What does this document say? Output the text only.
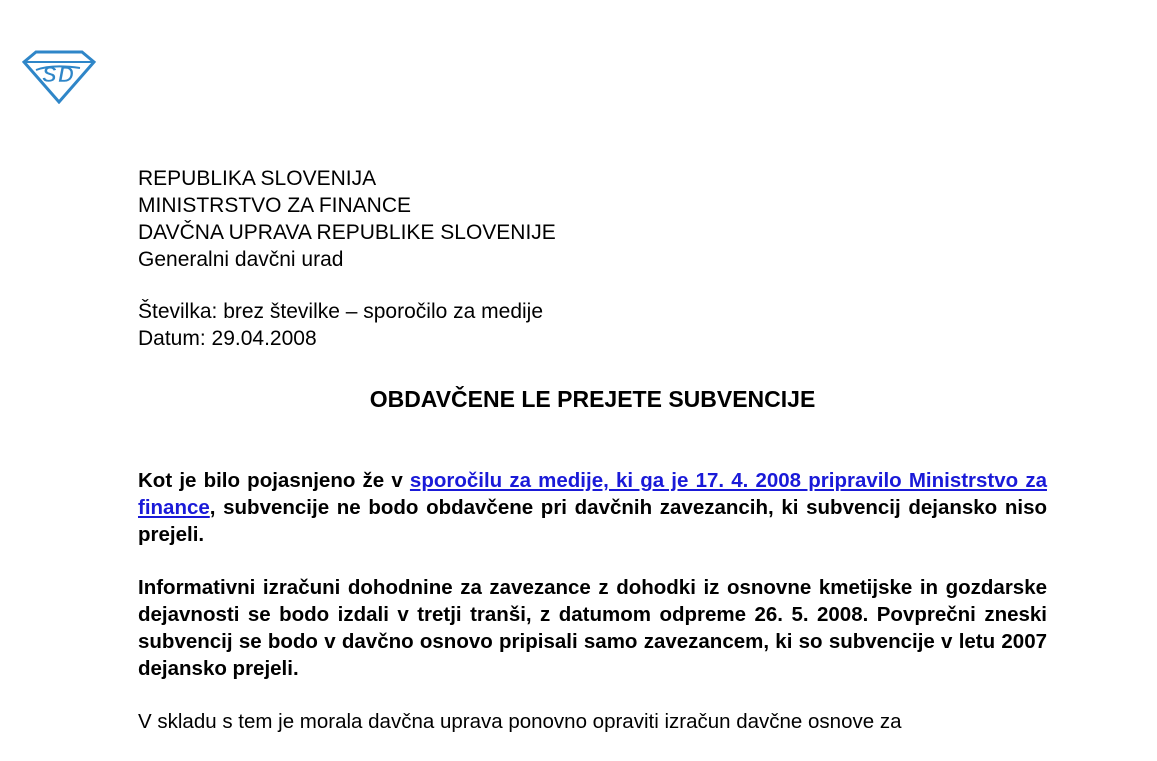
S D
REPUBLIKA SLOVENIJA
MINISTRSTVO ZA FINANCE
DAVČNA UPRAVA REPUBLIKE SLOVENIJE
Generalni davčni urad
Številka: brez številke – sporočilo za medije
Datum: 29.04.2008
OBDAVČENE LE PREJETE SUBVENCIJE

Kot je bilo pojasnjeno že v sporočilu za medije, ki ga je 17. 4. 2008 pripravilo Ministrstvo za finance, subvencije ne bodo obdavčene pri davčnih zavezancih, ki subvencij dejansko niso prejeli.

Informativni izračuni dohodnine za zavezance z dohodki iz osnovne kmetijske in gozdarske dejavnosti se bodo izdali v tretji tranši, z datumom odpreme 26. 5. 2008. Povprečni zneski subvencij se bodo v davčno osnovo pripisali samo zavezancem, ki so subvencije v letu 2007 dejansko prejeli.

V skladu s tem je morala davčna uprava ponovno opraviti izračun davčne osnove za
